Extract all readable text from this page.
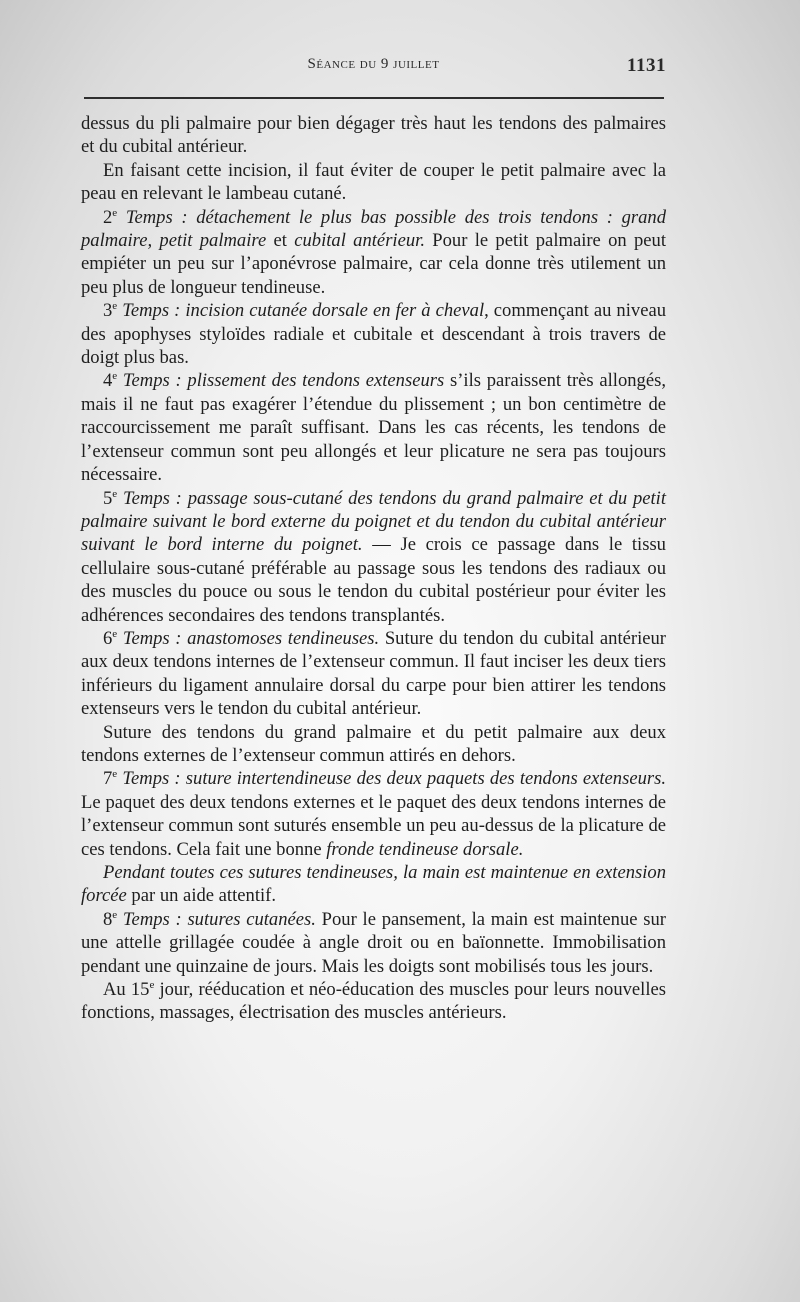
Séance du 9 juillet	1131

dessus du pli palmaire pour bien dégager très haut les tendons des palmaires et du cubital antérieur.

En faisant cette incision, il faut éviter de couper le petit palmaire avec la peau en relevant le lambeau cutané.

2e Temps : détachement le plus bas possible des trois tendons : grand palmaire, petit palmaire et cubital antérieur. Pour le petit palmaire on peut empiéter un peu sur l’aponévrose palmaire, car cela donne très utilement un peu plus de longueur tendineuse.

3e Temps : incision cutanée dorsale en fer à cheval, commençant au niveau des apophyses styloïdes radiale et cubitale et descendant à trois travers de doigt plus bas.

4e Temps : plissement des tendons extenseurs s’ils paraissent très allongés, mais il ne faut pas exagérer l’étendue du plissement ; un bon centimètre de raccourcissement me paraît suffisant. Dans les cas récents, les tendons de l’extenseur commun sont peu allongés et leur plicature ne sera pas toujours nécessaire.

5e Temps : passage sous-cutané des tendons du grand palmaire et du petit palmaire suivant le bord externe du poignet et du tendon du cubital antérieur suivant le bord interne du poignet. — Je crois ce passage dans le tissu cellulaire sous-cutané préférable au passage sous les tendons des radiaux ou des muscles du pouce ou sous le tendon du cubital postérieur pour éviter les adhérences secondaires des tendons transplantés.

6e Temps : anastomoses tendineuses. Suture du tendon du cubital antérieur aux deux tendons internes de l’extenseur commun. Il faut inciser les deux tiers inférieurs du ligament annulaire dorsal du carpe pour bien attirer les tendons extenseurs vers le tendon du cubital antérieur.

Suture des tendons du grand palmaire et du petit palmaire aux deux tendons externes de l’extenseur commun attirés en dehors.

7e Temps : suture intertendineuse des deux paquets des tendons extenseurs. Le paquet des deux tendons externes et le paquet des deux tendons internes de l’extenseur commun sont suturés ensemble un peu au-dessus de la plicature de ces tendons. Cela fait une bonne fronde tendineuse dorsale.

Pendant toutes ces sutures tendineuses, la main est maintenue en extension forcée par un aide attentif.

8e Temps : sutures cutanées. Pour le pansement, la main est maintenue sur une attelle grillagée coudée à angle droit ou en baïonnette. Immobilisation pendant une quinzaine de jours. Mais les doigts sont mobilisés tous les jours.

Au 15e jour, rééducation et néo-éducation des muscles pour leurs nouvelles fonctions, massages, électrisation des muscles antérieurs.
